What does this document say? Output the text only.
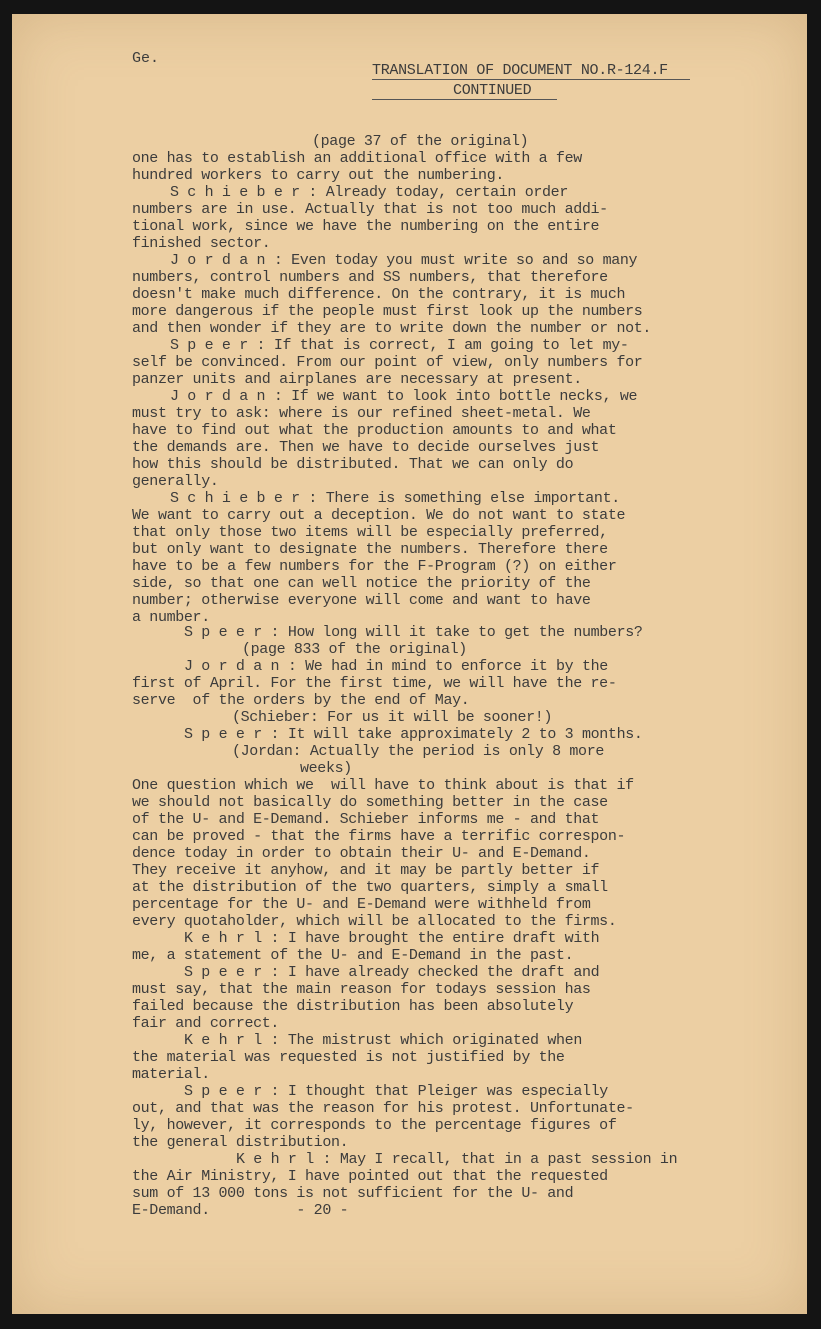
Ge.
TRANSLATION OF DOCUMENT NO.R-124.F
CONTINUED
(page 37 of the original)
one has to establish an additional office with a few
hundred workers to carry out the numbering.
S c h i e b e r : Already today, certain order
numbers are in use. Actually that is not too much addi-
tional work, since we have the numbering on the entire
finished sector.
J o r d a n : Even today you must write so and so many
numbers, control numbers and SS numbers, that therefore
doesn't make much difference. On the contrary, it is much
more dangerous if the people must first look up the numbers
and then wonder if they are to write down the number or not.
S p e e r : If that is correct, I am going to let my-
self be convinced. From our point of view, only numbers for
panzer units and airplanes are necessary at present.
J o r d a n : If we want to look into bottle necks, we
must try to ask: where is our refined sheet-metal. We
have to find out what the production amounts to and what
the demands are. Then we have to decide ourselves just
how this should be distributed. That we can only do
generally.
S c h i e b e r : There is something else important.
We want to carry out a deception. We do not want to state
that only those two items will be especially preferred,
but only want to designate the numbers. Therefore there
have to be a few numbers for the F-Program (?) on either
side, so that one can well notice the priority of the
number; otherwise everyone will come and want to have
a number.
S p e e r : How long will it take to get the numbers?
(page 833 of the original)
J o r d a n : We had in mind to enforce it by the
first of April. For the first time, we will have the re-
serve  of the orders by the end of May.
(Schieber: For us it will be sooner!)
S p e e r : It will take approximately 2 to 3 months.
(Jordan: Actually the period is only 8 more
weeks)
One question which we  will have to think about is that if
we should not basically do something better in the case
of the U- and E-Demand. Schieber informs me - and that
can be proved - that the firms have a terrific correspon-
dence today in order to obtain their U- and E-Demand.
They receive it anyhow, and it may be partly better if
at the distribution of the two quarters, simply a small
percentage for the U- and E-Demand were withheld from
every quotaholder, which will be allocated to the firms.
K e h r l : I have brought the entire draft with
me, a statement of the U- and E-Demand in the past.
S p e e r : I have already checked the draft and
must say, that the main reason for todays session has
failed because the distribution has been absolutely
fair and correct.
K e h r l : The mistrust which originated when
the material was requested is not justified by the
material.
S p e e r : I thought that Pleiger was especially
out, and that was the reason for his protest. Unfortunate-
ly, however, it corresponds to the percentage figures of
the general distribution.
K e h r l : May I recall, that in a past session in
the Air Ministry, I have pointed out that the requested
sum of 13 000 tons is not sufficient for the U- and
E-Demand.          - 20 -
